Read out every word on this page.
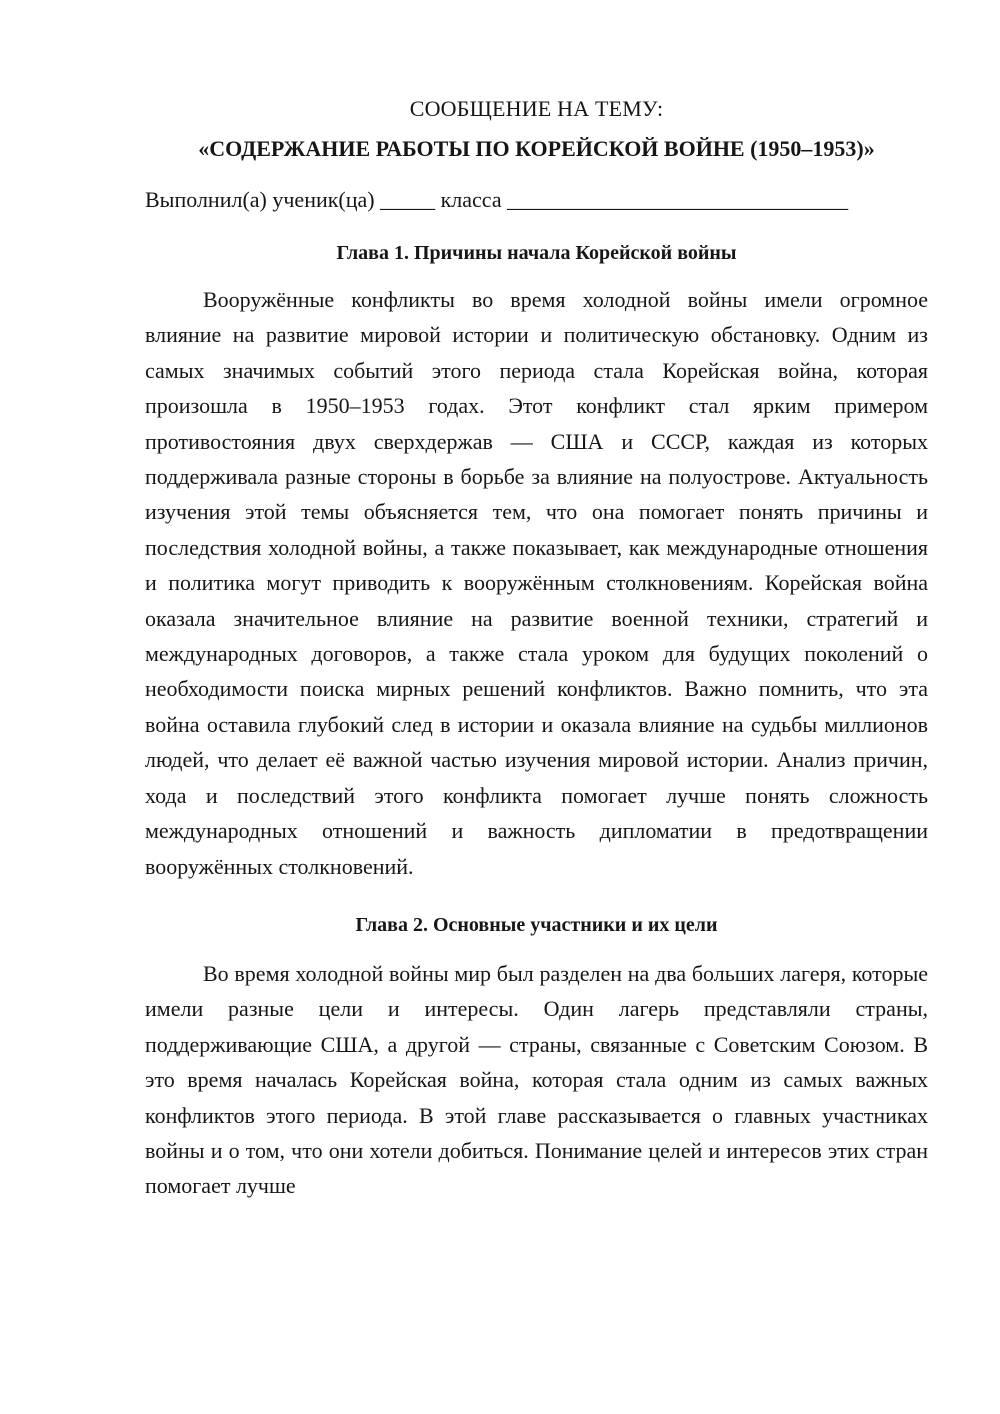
СООБЩЕНИЕ НА ТЕМУ:
«СОДЕРЖАНИЕ РАБОТЫ ПО КОРЕЙСКОЙ ВОЙНЕ (1950–1953)»

Выполнил(а) ученик(ца) _____ класса _______________________________

Глава 1. Причины начала Корейской войны

Вооружённые конфликты во время холодной войны имели огромное влияние на развитие мировой истории и политическую обстановку. Одним из самых значимых событий этого периода стала Корейская война, которая произошла в 1950–1953 годах. Этот конфликт стал ярким примером противостояния двух сверхдержав — США и СССР, каждая из которых поддерживала разные стороны в борьбе за влияние на полуострове. Актуальность изучения этой темы объясняется тем, что она помогает понять причины и последствия холодной войны, а также показывает, как международные отношения и политика могут приводить к вооружённым столкновениям. Корейская война оказала значительное влияние на развитие военной техники, стратегий и международных договоров, а также стала уроком для будущих поколений о необходимости поиска мирных решений конфликтов. Важно помнить, что эта война оставила глубокий след в истории и оказала влияние на судьбы миллионов людей, что делает её важной частью изучения мировой истории. Анализ причин, хода и последствий этого конфликта помогает лучше понять сложность международных отношений и важность дипломатии в предотвращении вооружённых столкновений.

Глава 2. Основные участники и их цели

Во время холодной войны мир был разделен на два больших лагеря, которые имели разные цели и интересы. Один лагерь представляли страны, поддерживающие США, а другой — страны, связанные с Советским Союзом. В это время началась Корейская война, которая стала одним из самых важных конфликтов этого периода. В этой главе рассказывается о главных участниках войны и о том, что они хотели добиться. Понимание целей и интересов этих стран помогает лучше
